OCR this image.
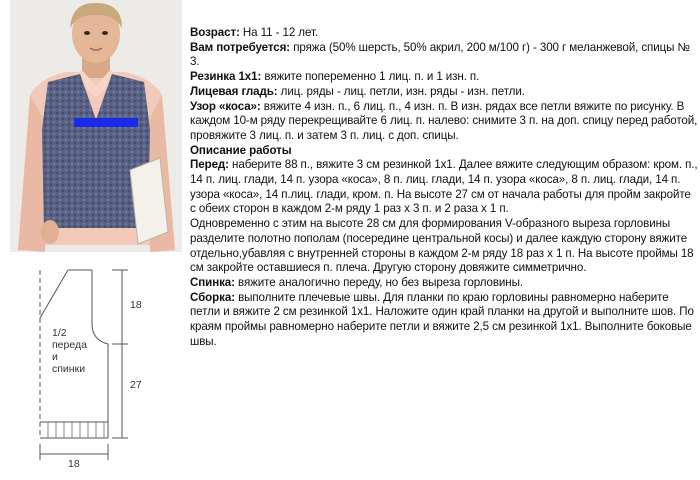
18
27
18
1/2
переда
и
спинки

Возраст: На 11 - 12 лет.

Вам потребуется: пряжа (50% шерсть, 50% акрил, 200 м/100 г) - 300 г меланжевой, спицы № 3.

Резинка 1x1: вяжите попеременно 1 лиц. п. и 1 изн. п.

Лицевая гладь: лиц. ряды - лиц. петли, изн. ряды - изн. петли.

Узор «коса»: вяжите 4 изн. п., 6 лиц. п., 4 изн. п. В изн. рядах все петли вяжите по рисунку. В каждом 10-м ряду перекрещивайте 6 лиц. п. налево: снимите 3 п. на доп. спицу перед работой, провяжите 3 лиц. п. и затем 3 п. лиц. с доп. спицы.

Описание работы

Перед: наберите 88 п., вяжите 3 см резинкой 1x1. Далее вяжите следующим образом: кром. п., 14 п. лиц. глади, 14 п. узора «коса», 8 п. лиц. глади, 14 п. узора «коса», 8 п. лиц. глади, 14 п. узора «коса», 14 п.лиц. глади, кром. п. На высоте 27 см от начала работы для пройм закройте с обеих сторон в каждом 2-м ряду 1 раз x 3 п. и 2 раза x 1 п.

Одновременно с этим на высоте 28 см для формирования V-образного выреза горловины разделите полотно пополам (посередине центральной косы) и далее каждую сторону вяжите отдельно,убавляя с внутренней стороны в каждом 2-м ряду 18 раз x 1 п. На высоте проймы 18 см закройте оставшиеся п. плеча. Другую сторону довяжите симметрично.

Спинка: вяжите аналогично переду, но без выреза горловины.

Сборка: выполните плечевые швы. Для планки по краю горловины равномерно наберите петли и вяжите 2 см резинкой 1x1. Наложите один край планки на другой и выполните шов. По краям проймы равномерно наберите петли и вяжите 2,5 см резинкой 1x1. Выполните боковые швы.
